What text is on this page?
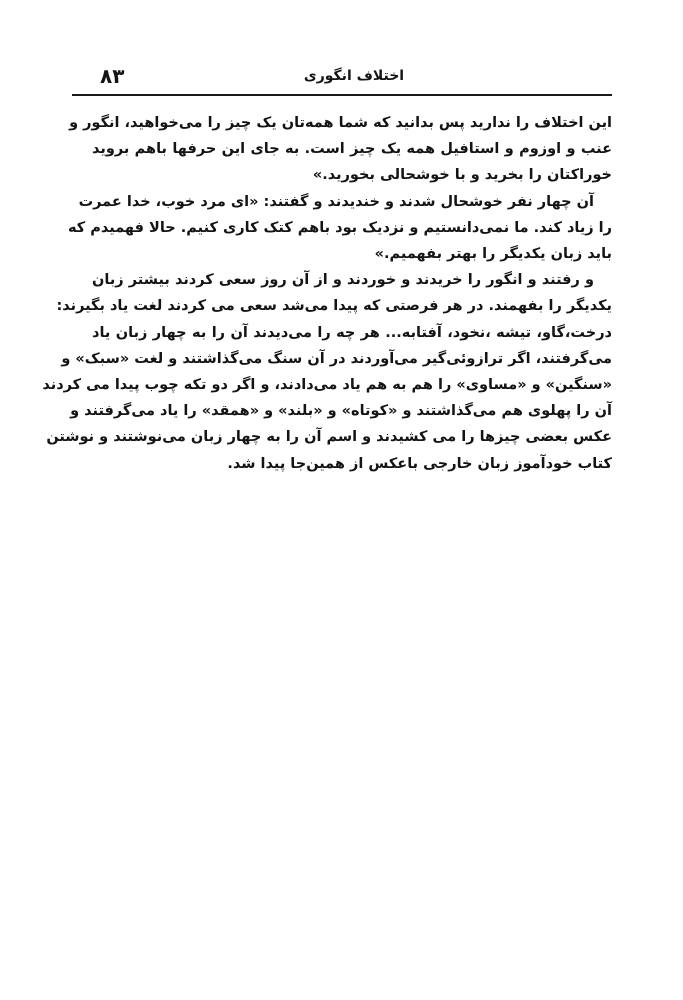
۸۳	اختلاف انگوری
این اختلاف را ندارید پس بدانید که شما همه‌تان یک چیز را می‌خواهید، انگور و
عنب و اوزوم و استافیل همه یک چیز است. به جای این حرفها باهم بروید
خوراکتان را بخرید و با خوشحالی بخورید.»
آن چهار نفر خوشحال شدند و خندیدند و گفتند: «ای مرد خوب، خدا عمرت
را زیاد کند. ما نمی‌دانستیم و نزدیک بود باهم کتک کاری کنیم. حالا فهمیدم که
باید زبان یکدیگر را بهتر بفهمیم.»
و رفتند و انگور را خریدند و خوردند و از آن روز سعی کردند بیشتر زبان
یکدیگر را بفهمند. در هر فرصتی که پیدا می‌شد سعی می کردند لغت یاد بگیرند:
درخت،گاو، تیشه ،نخود، آفتابه... هر چه را می‌دیدند آن را به چهار زبان یاد
می‌گرفتند، اگر ترازوئی‌گیر می‌آوردند در آن سنگ می‌گذاشتند و لغت «سبک» و
«سنگین» و «مساوی» را هم به هم یاد می‌دادند، و اگر دو تکه چوب پیدا می کردند
آن را پهلوی هم می‌گذاشتند و «کوتاه» و «بلند» و «همقد» را یاد می‌گرفتند و
عکس بعضی چیزها را می کشیدند و اسم آن را به چهار زبان می‌نوشتند و نوشتن
کتاب خودآموز زبان خارجی باعکس از همین‌جا پیدا شد.
